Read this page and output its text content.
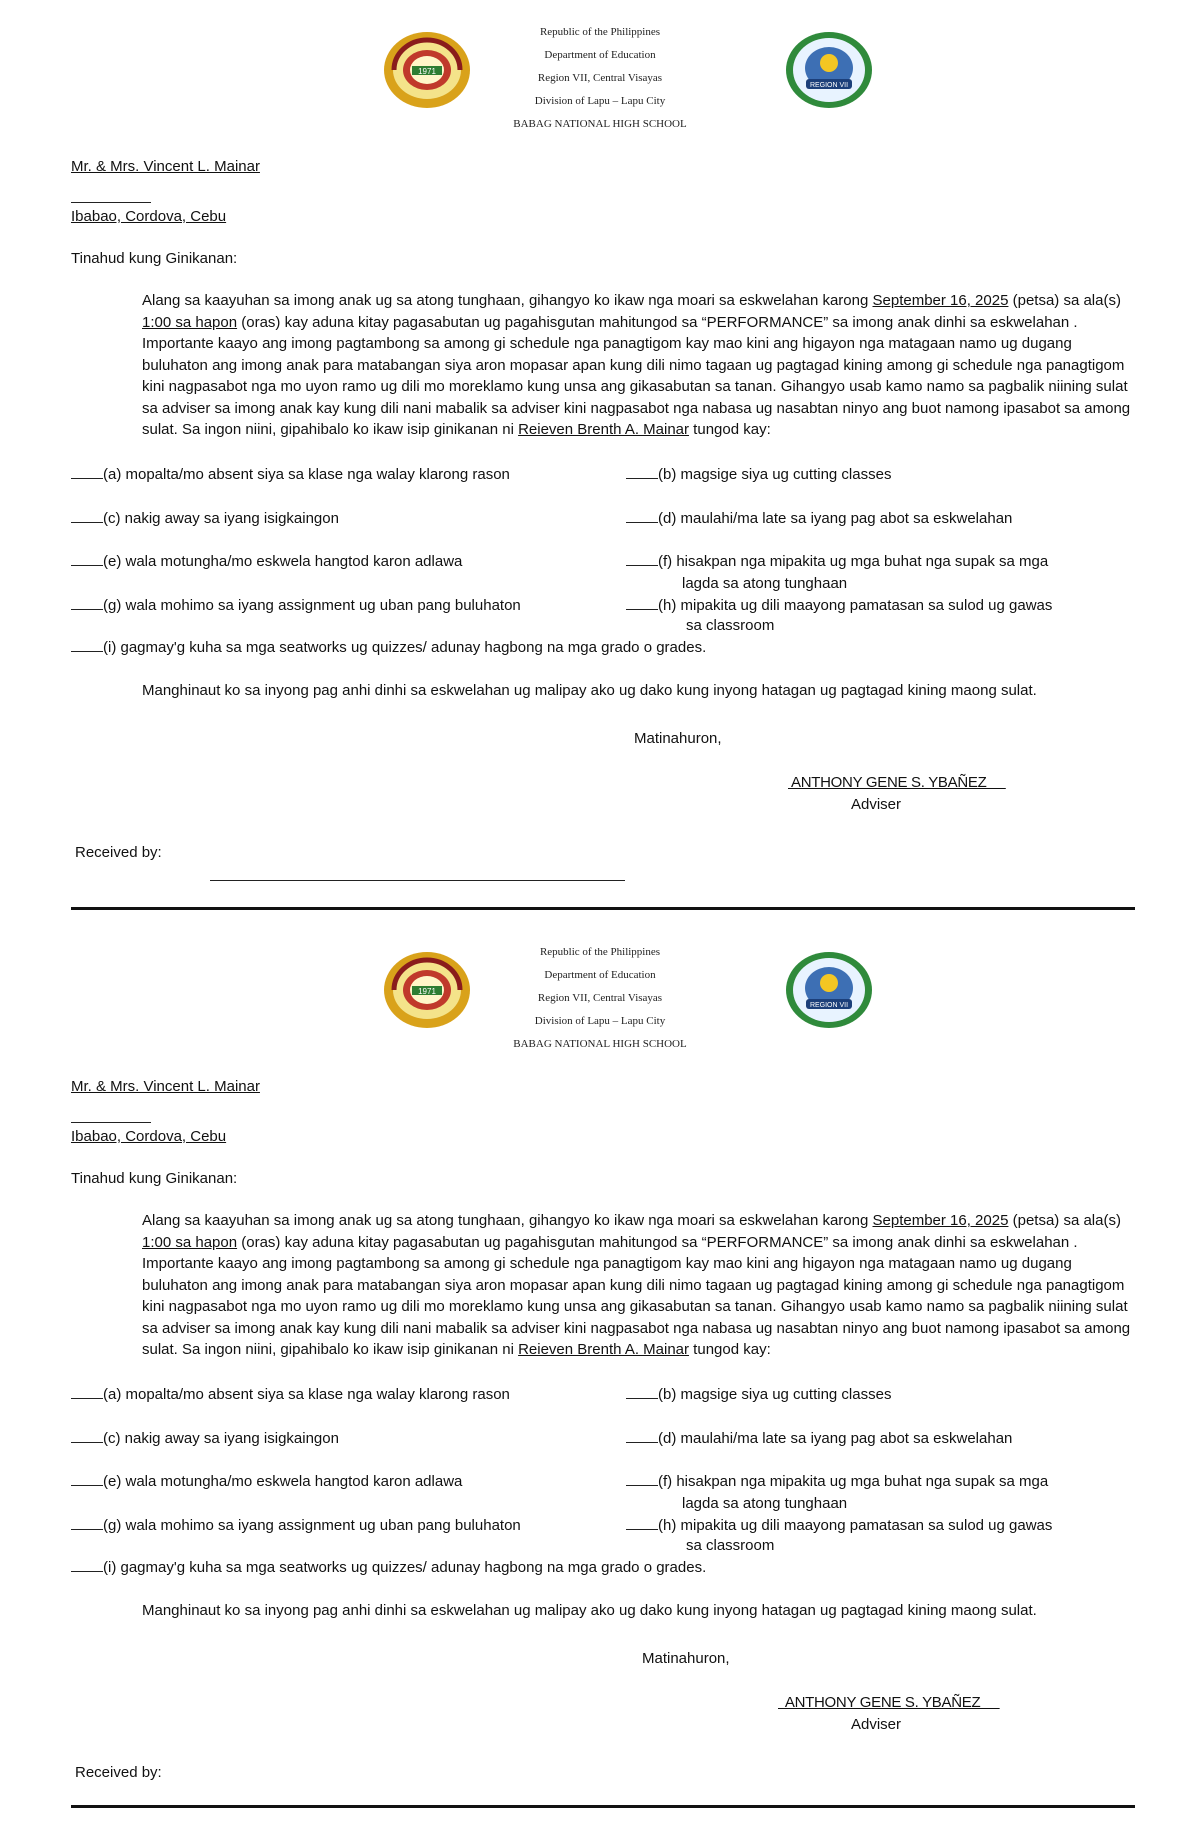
1971
Republic of the Philippines
Department of Education
Region VII, Central Visayas
Division of Lapu – Lapu City
BABAG NATIONAL HIGH SCHOOL
REGION VII
Mr. & Mrs. Vincent L. Mainar
Ibabao, Cordova, Cebu
Tinahud kung Ginikanan:

Alang sa kaayuhan sa imong anak ug sa atong tunghaan, gihangyo ko ikaw nga moari sa eskwelahan karong September 16, 2025 (petsa) sa ala(s) 1:00 sa hapon (oras) kay aduna kitay pagasabutan ug pagahisgutan mahitungod sa “PERFORMANCE” sa imong anak dinhi sa eskwelahan . Importante kaayo ang imong pagtambong sa among gi schedule nga panagtigom kay mao kini ang higayon nga matagaan namo ug dugang buluhaton ang imong anak para matabangan siya aron mopasar apan kung dili nimo tagaan ug pagtagad kining among gi schedule nga panagtigom kini nagpasabot nga mo uyon ramo ug dili mo moreklamo kung unsa ang gikasabutan sa tanan. Gihangyo usab kamo namo sa pagbalik niining sulat sa adviser sa imong anak kay kung dili nani mabalik sa adviser kini nagpasabot nga nabasa ug nasabtan ninyo ang buot namong ipasabot sa among sulat. Sa ingon niini, gipahibalo ko ikaw isip ginikanan ni Reieven Brenth A. Mainar tungod kay:

(a) mopalta/mo absent siya sa klase nga walay klarong rason	(b) magsige siya ug cutting classes
(c) nakig away sa iyang isigkaingon	(d) maulahi/ma late sa iyang pag abot sa eskwelahan
(e) wala motungha/mo eskwela hangtod karon adlawa	(f) hisakpan nga mipakita ug mga buhat nga supak sa mga
lagda sa atong tunghaan
(g) wala mohimo sa iyang assignment ug uban pang buluhaton	(h) mipakita ug dili maayong pamatasan sa sulod ug gawas
sa classroom
(i) gagmay'g kuha sa mga seatworks ug quizzes/ adunay hagbong na mga grado o grades.
Manghinaut ko sa inyong pag anhi dinhi sa eskwelahan ug malipay ako ug dako kung inyong hatagan ug pagtagad kining maong sulat.
Matinahuron,
ANTHONY GENE S. YBAÑEZ
Adviser
Received by:
1971
Republic of the Philippines
Department of Education
Region VII, Central Visayas
Division of Lapu – Lapu City
BABAG NATIONAL HIGH SCHOOL
REGION VII
Mr. & Mrs. Vincent L. Mainar
Ibabao, Cordova, Cebu
Tinahud kung Ginikanan:

Alang sa kaayuhan sa imong anak ug sa atong tunghaan, gihangyo ko ikaw nga moari sa eskwelahan karong September 16, 2025 (petsa) sa ala(s) 1:00 sa hapon (oras) kay aduna kitay pagasabutan ug pagahisgutan mahitungod sa “PERFORMANCE” sa imong anak dinhi sa eskwelahan . Importante kaayo ang imong pagtambong sa among gi schedule nga panagtigom kay mao kini ang higayon nga matagaan namo ug dugang buluhaton ang imong anak para matabangan siya aron mopasar apan kung dili nimo tagaan ug pagtagad kining among gi schedule nga panagtigom kini nagpasabot nga mo uyon ramo ug dili mo moreklamo kung unsa ang gikasabutan sa tanan. Gihangyo usab kamo namo sa pagbalik niining sulat sa adviser sa imong anak kay kung dili nani mabalik sa adviser kini nagpasabot nga nabasa ug nasabtan ninyo ang buot namong ipasabot sa among sulat. Sa ingon niini, gipahibalo ko ikaw isip ginikanan ni Reieven Brenth A. Mainar tungod kay:

(a) mopalta/mo absent siya sa klase nga walay klarong rason	(b) magsige siya ug cutting classes
(c) nakig away sa iyang isigkaingon	(d) maulahi/ma late sa iyang pag abot sa eskwelahan
(e) wala motungha/mo eskwela hangtod karon adlawa	(f) hisakpan nga mipakita ug mga buhat nga supak sa mga
lagda sa atong tunghaan
(g) wala mohimo sa iyang assignment ug uban pang buluhaton	(h) mipakita ug dili maayong pamatasan sa sulod ug gawas
sa classroom
(i) gagmay'g kuha sa mga seatworks ug quizzes/ adunay hagbong na mga grado o grades.
Manghinaut ko sa inyong pag anhi dinhi sa eskwelahan ug malipay ako ug dako kung inyong hatagan ug pagtagad kining maong sulat.
Matinahuron,
ANTHONY GENE S. YBAÑEZ
Adviser
Received by:
